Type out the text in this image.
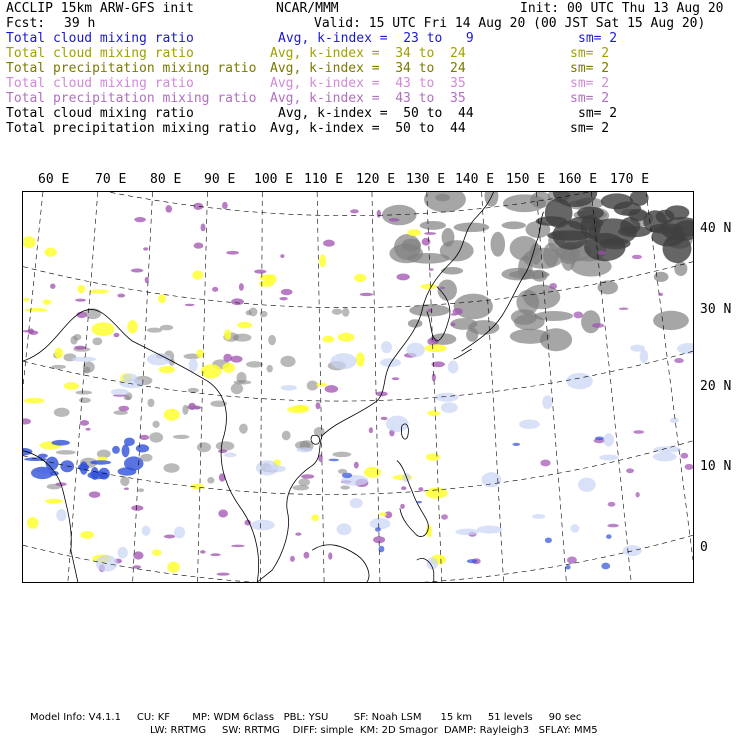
ACCLIP 15km ARW-GFS init	NCAR/MMM	Init: 00 UTC Thu 13 Aug 20
Fcst: 39 h	Valid: 15 UTC Fri 14 Aug 20 (00 JST Sat 15 Aug 20)
Total cloud mixing ratio	Avg, k-index =  23 to   9	sm= 2
Total cloud mixing ratio	Avg, k-index =  34 to  24	sm= 2
Total precipitation mixing ratio Avg, k-index =  34 to  24	sm= 2
Total cloud mixing ratio	Avg, k-index =  43 to  35	sm= 2
Total precipitation mixing ratio Avg, k-index =  43 to  35	sm= 2
Total cloud mixing ratio	Avg, k-index =  50 to  44	sm= 2
Total precipitation mixing ratio Avg, k-index =  50 to  44	sm= 2
60 E 70 E 80 E 90 E 100 E 110 E 120 E 130 E 140 E 150 E 160 E 170 E
40 N
30 N
20 N
10 N
0
Model Info: V4.1.1     CU: KF       MP: WDM 6class   PBL: YSU        SF: Noah LSM      15 km     51 levels     90 sec
LW: RRTMG     SW: RRTMG    DIFF: simple  KM: 2D Smagor  DAMP: Rayleigh3   SFLAY: MM5
